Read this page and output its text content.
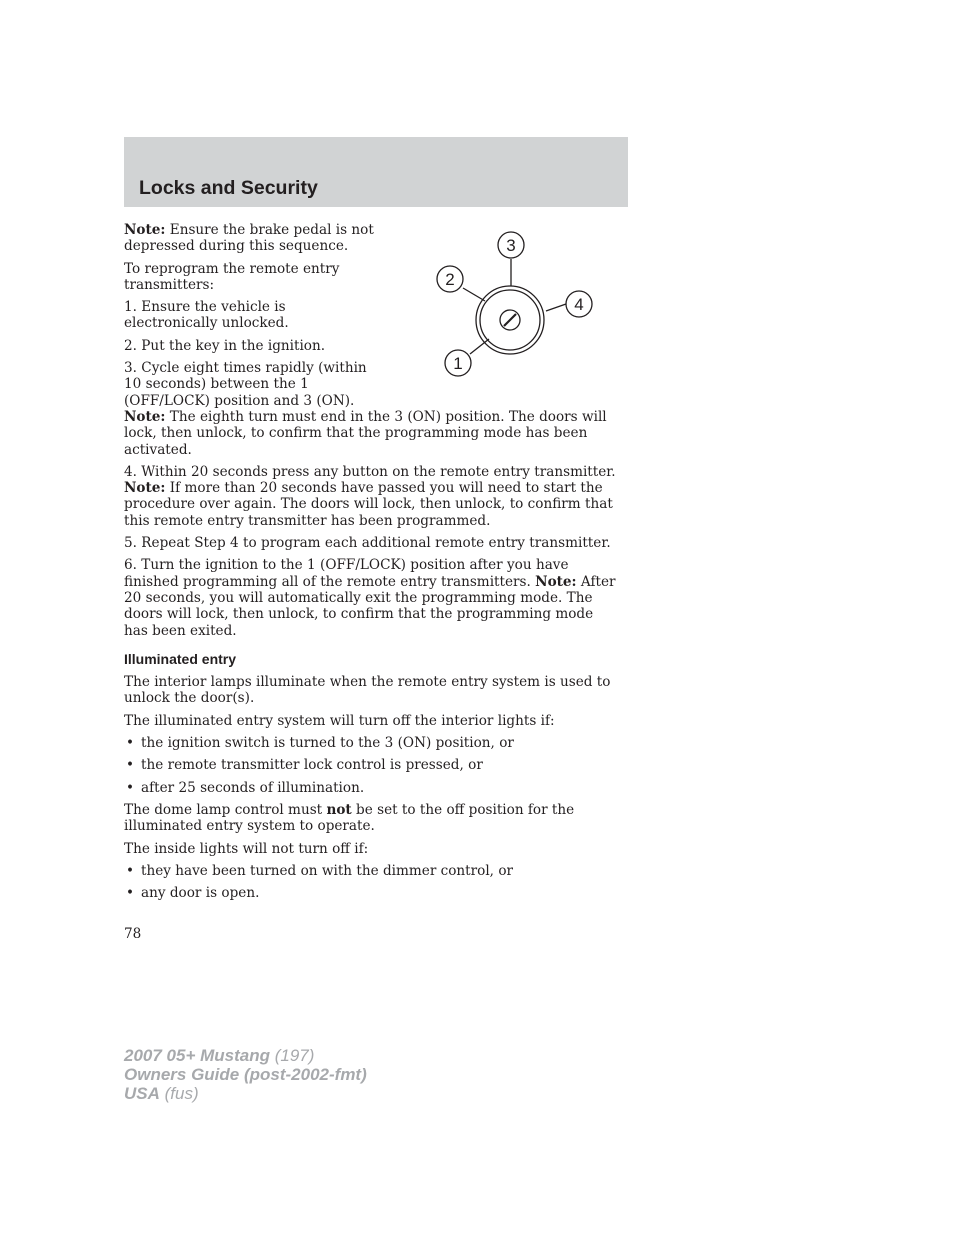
Locks and Security
1
2
3
4

Note: Ensure the brake pedal is not depressed during this sequence.

To reprogram the remote entry transmitters:

1. Ensure the vehicle is electronically unlocked.

2. Put the key in the ignition.

3. Cycle eight times rapidly (within 10 seconds) between the 1 (OFF/LOCK) position and 3 (ON).

Note: The eighth turn must end in the 3 (ON) position. The doors will lock, then unlock, to confirm that the programming mode has been activated.

4. Within 20 seconds press any button on the remote entry transmitter.

Note: If more than 20 seconds have passed you will need to start the procedure over again. The doors will lock, then unlock, to confirm that this remote entry transmitter has been programmed.

5. Repeat Step 4 to program each additional remote entry transmitter.

6. Turn the ignition to the 1 (OFF/LOCK) position after you have finished programming all of the remote entry transmitters. Note: After 20 seconds, you will automatically exit the programming mode. The doors will lock, then unlock, to confirm that the programming mode has been exited.

Illuminated entry

The interior lamps illuminate when the remote entry system is used to unlock the door(s).

The illuminated entry system will turn off the interior lights if:

• the ignition switch is turned to the 3 (ON) position, or
• the remote transmitter lock control is pressed, or
• after 25 seconds of illumination.

The dome lamp control must not be set to the off position for the illuminated entry system to operate.

The inside lights will not turn off if:

• they have been turned on with the dimmer control, or
• any door is open.
78
2007 05+ Mustang (197)
Owners Guide (post-2002-fmt)
USA (fus)
